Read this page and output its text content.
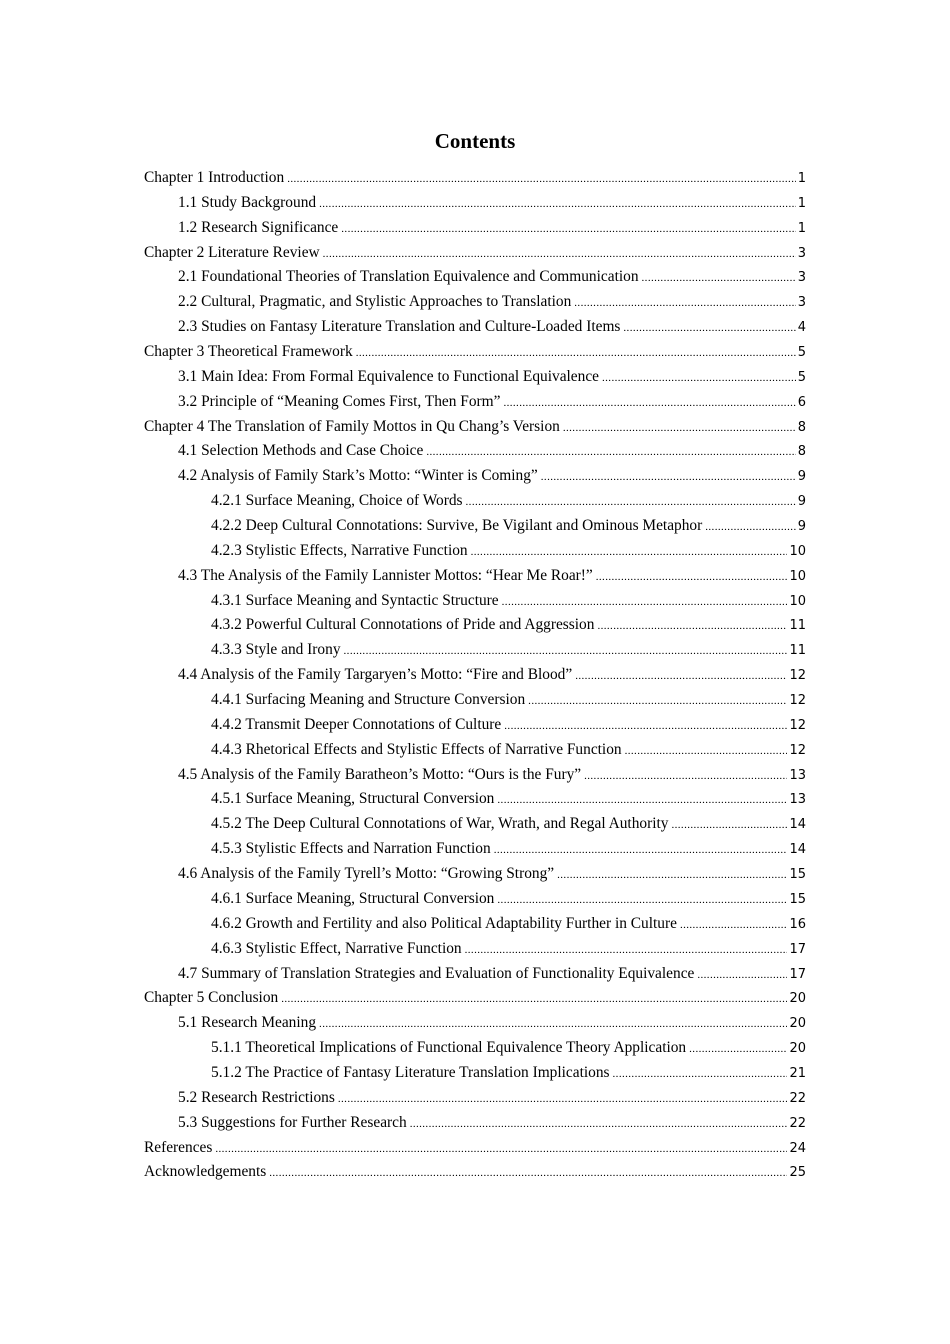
Contents
Chapter 1 Introduction .....	1
1.1 Study Background .....	1
1.2 Research Significance .....	1
Chapter 2 Literature Review .....	3
2.1 Foundational Theories of Translation Equivalence and Communication .....	3
2.2 Cultural, Pragmatic, and Stylistic Approaches to Translation .....	3
2.3 Studies on Fantasy Literature Translation and Culture-Loaded Items .....	4
Chapter 3 Theoretical Framework .....	5
3.1 Main Idea: From Formal Equivalence to Functional Equivalence .....	5
3.2 Principle of “Meaning Comes First, Then Form” .....	6
Chapter 4 The Translation of Family Mottos in Qu Chang’s Version .....	8
4.1 Selection Methods and Case Choice .....	8
4.2 Analysis of Family Stark’s Motto: “Winter is Coming” .....	9
4.2.1 Surface Meaning, Choice of Words .....	9
4.2.2 Deep Cultural Connotations: Survive, Be Vigilant and Ominous Metaphor .....	9
4.2.3 Stylistic Effects, Narrative Function .....	10
4.3 The Analysis of the Family Lannister Mottos: “Hear Me Roar!” .....	10
4.3.1 Surface Meaning and Syntactic Structure .....	10
4.3.2 Powerful Cultural Connotations of Pride and Aggression .....	11
4.3.3 Style and Irony .....	11
4.4 Analysis of the Family Targaryen’s Motto: “Fire and Blood” .....	12
4.4.1 Surfacing Meaning and Structure Conversion .....	12
4.4.2 Transmit Deeper Connotations of Culture .....	12
4.4.3 Rhetorical Effects and Stylistic Effects of Narrative Function .....	12
4.5 Analysis of the Family Baratheon’s Motto: “Ours is the Fury” .....	13
4.5.1 Surface Meaning, Structural Conversion .....	13
4.5.2 The Deep Cultural Connotations of War, Wrath, and Regal Authority .....	14
4.5.3 Stylistic Effects and Narration Function .....	14
4.6 Analysis of the Family Tyrell’s Motto: “Growing Strong” .....	15
4.6.1 Surface Meaning, Structural Conversion .....	15
4.6.2 Growth and Fertility and also Political Adaptability Further in Culture .....	16
4.6.3 Stylistic Effect, Narrative Function .....	17
4.7 Summary of Translation Strategies and Evaluation of Functionality Equivalence .....	17
Chapter 5 Conclusion .....	20
5.1 Research Meaning .....	20
5.1.1 Theoretical Implications of Functional Equivalence Theory Application .....	20
5.1.2 The Practice of Fantasy Literature Translation Implications .....	21
5.2 Research Restrictions .....	22
5.3 Suggestions for Further Research .....	22
References .....	24
Acknowledgements .....	25
